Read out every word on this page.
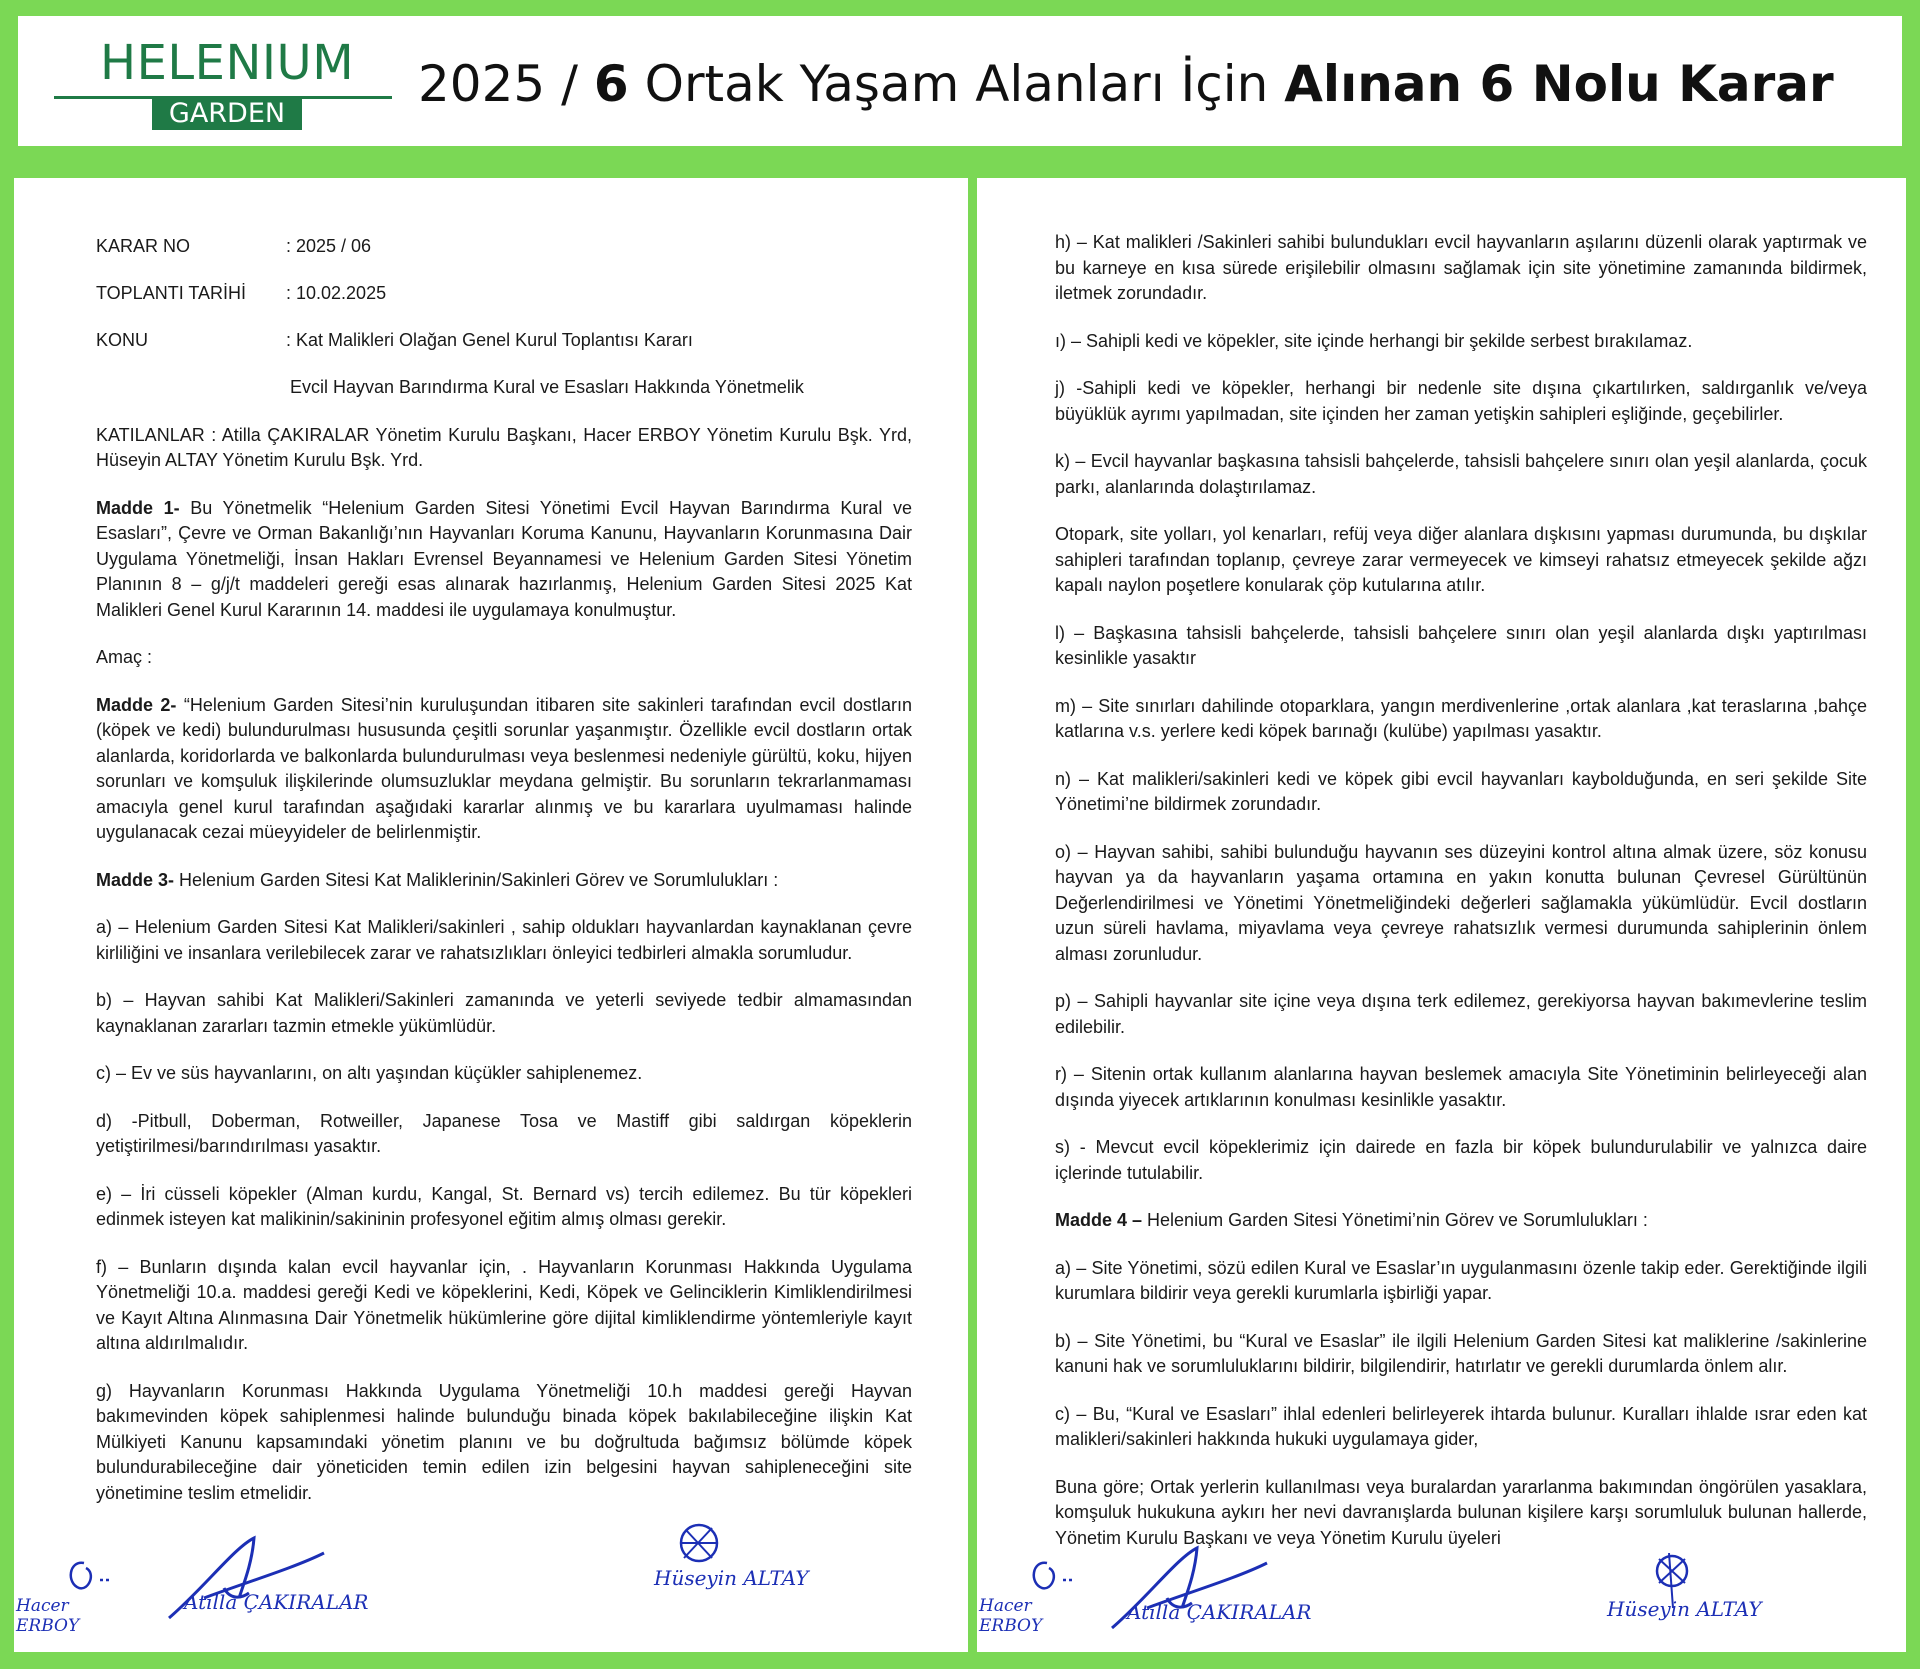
HELENIUM
GARDEN
2025 / 6 Ortak Yaşam Alanları İçin Alınan 6 Nolu Karar
KARAR NO	: 2025 / 06
TOPLANTI TARİHİ : 10.02.2025
KONU	: Kat Malikleri Olağan Genel Kurul Toplantısı Kararı
Evcil Hayvan Barındırma Kural ve Esasları Hakkında Yönetmelik

KATILANLAR : Atilla ÇAKIRALAR Yönetim Kurulu Başkanı, Hacer ERBOY Yönetim Kurulu Bşk. Yrd, Hüseyin ALTAY Yönetim Kurulu Bşk. Yrd.

Madde 1- Bu Yönetmelik “Helenium Garden Sitesi Yönetimi Evcil Hayvan Barındırma Kural ve Esasları”, Çevre ve Orman Bakanlığı’nın Hayvanları Koruma Kanunu, Hayvanların Korunmasına Dair Uygulama Yönetmeliği, İnsan Hakları Evrensel Beyannamesi ve Helenium Garden Sitesi Yönetim Planının 8 – g/j/t maddeleri gereği esas alınarak hazırlanmış, Helenium Garden Sitesi 2025 Kat Malikleri Genel Kurul Kararının 14. maddesi ile uygulamaya konulmuştur.

Amaç :

Madde 2- “Helenium Garden Sitesi’nin kuruluşundan itibaren site sakinleri tarafından evcil dostların (köpek ve kedi) bulundurulması hususunda çeşitli sorunlar yaşanmıştır. Özellikle evcil dostların ortak alanlarda, koridorlarda ve balkonlarda bulundurulması veya beslenmesi nedeniyle gürültü, koku, hijyen sorunları ve komşuluk ilişkilerinde olumsuzluklar meydana gelmiştir. Bu sorunların tekrarlanmaması amacıyla genel kurul tarafından aşağıdaki kararlar alınmış ve bu kararlara uyulmaması halinde uygulanacak cezai müeyyideler de belirlenmiştir.

Madde 3- Helenium Garden Sitesi Kat Maliklerinin/Sakinleri Görev ve Sorumlulukları :

a) – Helenium Garden Sitesi Kat Malikleri/sakinleri , sahip oldukları hayvanlardan kaynaklanan çevre kirliliğini ve insanlara verilebilecek zarar ve rahatsızlıkları önleyici tedbirleri almakla sorumludur.

b) – Hayvan sahibi Kat Malikleri/Sakinleri zamanında ve yeterli seviyede tedbir almamasından kaynaklanan zararları tazmin etmekle yükümlüdür.

c) – Ev ve süs hayvanlarını, on altı yaşından küçükler sahiplenemez.

d) -Pitbull, Doberman, Rotweiller, Japanese Tosa ve Mastiff gibi saldırgan köpeklerin yetiştirilmesi/barındırılması yasaktır.

e) – İri cüsseli köpekler (Alman kurdu, Kangal, St. Bernard vs) tercih edilemez. Bu tür köpekleri edinmek isteyen kat malikinin/sakininin profesyonel eğitim almış olması gerekir.

f) – Bunların dışında kalan evcil hayvanlar için, . Hayvanların Korunması Hakkında Uygulama Yönetmeliği 10.a. maddesi gereği Kedi ve köpeklerini, Kedi, Köpek ve Gelinciklerin Kimliklendirilmesi ve Kayıt Altına Alınmasına Dair Yönetmelik hükümlerine göre dijital kimliklendirme yöntemleriyle kayıt altına aldırılmalıdır.

g) Hayvanların Korunması Hakkında Uygulama Yönetmeliği 10.h maddesi gereği Hayvan bakımevinden köpek sahiplenmesi halinde bulunduğu binada köpek bakılabileceğine ilişkin Kat Mülkiyeti Kanunu kapsamındaki yönetim planını ve bu doğrultuda bağımsız bölümde köpek bulundurabileceğine dair yöneticiden temin edilen izin belgesini hayvan sahipleneceğini site yönetimine teslim etmelidir.

Hacer ERBOY
Atilla ÇAKIRALAR
Hüseyin ALTAY

h) – Kat malikleri /Sakinleri sahibi bulundukları evcil hayvanların aşılarını düzenli olarak yaptırmak ve bu karneye en kısa sürede erişilebilir olmasını sağlamak için site yönetimine zamanında bildirmek, iletmek zorundadır.

ı) – Sahipli kedi ve köpekler, site içinde herhangi bir şekilde serbest bırakılamaz.

j) -Sahipli kedi ve köpekler, herhangi bir nedenle site dışına çıkartılırken, saldırganlık ve/veya büyüklük ayrımı yapılmadan, site içinden her zaman yetişkin sahipleri eşliğinde, geçebilirler.

k) – Evcil hayvanlar başkasına tahsisli bahçelerde, tahsisli bahçelere sınırı olan yeşil alanlarda, çocuk parkı, alanlarında dolaştırılamaz.

Otopark, site yolları, yol kenarları, refüj veya diğer alanlara dışkısını yapması durumunda, bu dışkılar sahipleri tarafından toplanıp, çevreye zarar vermeyecek ve kimseyi rahatsız etmeyecek şekilde ağzı kapalı naylon poşetlere konularak çöp kutularına atılır.

l) – Başkasına tahsisli bahçelerde, tahsisli bahçelere sınırı olan yeşil alanlarda dışkı yaptırılması kesinlikle yasaktır

m) – Site sınırları dahilinde otoparklara, yangın merdivenlerine ,ortak alanlara ,kat teraslarına ,bahçe katlarına v.s. yerlere kedi köpek barınağı (kulübe) yapılması yasaktır.

n) – Kat malikleri/sakinleri kedi ve köpek gibi evcil hayvanları kaybolduğunda, en seri şekilde Site Yönetimi’ne bildirmek zorundadır.

o) – Hayvan sahibi, sahibi bulunduğu hayvanın ses düzeyini kontrol altına almak üzere, söz konusu hayvan ya da hayvanların yaşama ortamına en yakın konutta bulunan Çevresel Gürültünün Değerlendirilmesi ve Yönetimi Yönetmeliğindeki değerleri sağlamakla yükümlüdür. Evcil dostların uzun süreli havlama, miyavlama veya çevreye rahatsızlık vermesi durumunda sahiplerinin önlem alması zorunludur.

p) – Sahipli hayvanlar site içine veya dışına terk edilemez, gerekiyorsa hayvan bakımevlerine teslim edilebilir.

r) – Sitenin ortak kullanım alanlarına hayvan beslemek amacıyla Site Yönetiminin belirleyeceği alan dışında yiyecek artıklarının konulması kesinlikle yasaktır.

s) - Mevcut evcil köpeklerimiz için dairede en fazla bir köpek bulundurulabilir ve yalnızca daire içlerinde tutulabilir.

Madde 4 – Helenium Garden Sitesi Yönetimi’nin Görev ve Sorumlulukları :

a) – Site Yönetimi, sözü edilen Kural ve Esaslar’ın uygulanmasını özenle takip eder. Gerektiğinde ilgili kurumlara bildirir veya gerekli kurumlarla işbirliği yapar.

b) – Site Yönetimi, bu “Kural ve Esaslar” ile ilgili Helenium Garden Sitesi kat maliklerine /sakinlerine kanuni hak ve sorumluluklarını bildirir, bilgilendirir, hatırlatır ve gerekli durumlarda önlem alır.

c) – Bu, “Kural ve Esasları” ihlal edenleri belirleyerek ihtarda bulunur. Kuralları ihlalde ısrar eden kat malikleri/sakinleri hakkında hukuki uygulamaya gider,

Buna göre; Ortak yerlerin kullanılması veya buralardan yararlanma bakımından öngörülen yasaklara, komşuluk hukukuna aykırı her nevi davranışlarda bulunan kişilere karşı sorumluluk bulunan hallerde, Yönetim Kurulu Başkanı ve veya Yönetim Kurulu üyeleri

Hacer ERBOY
Atilla ÇAKIRALAR	Hüseyin ALTAY
